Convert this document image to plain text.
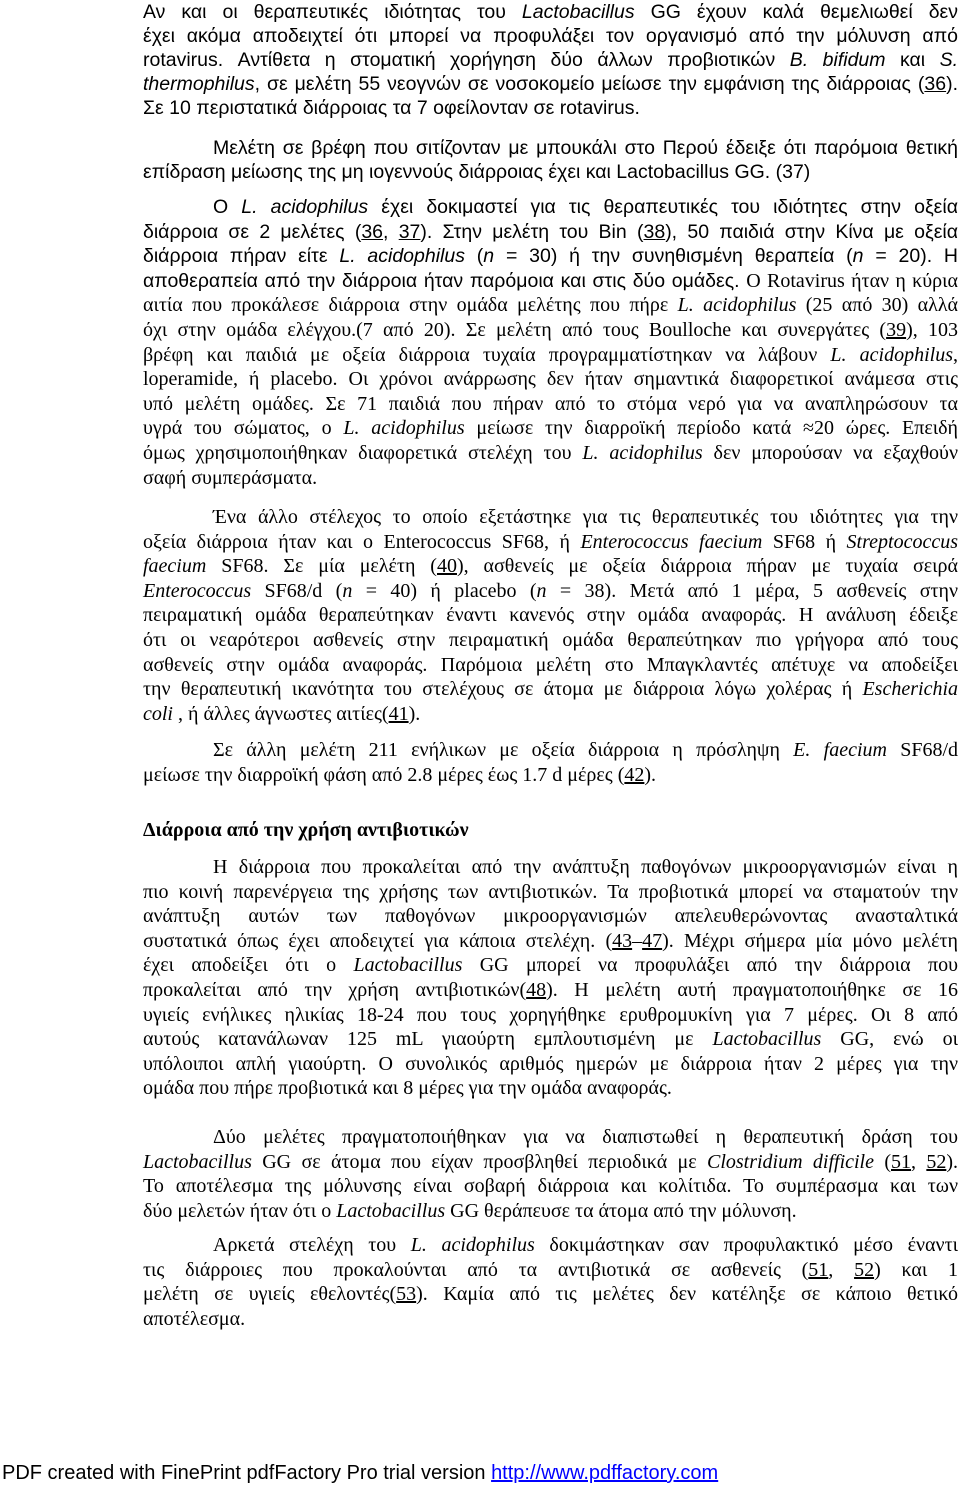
Αν και οι θεραπευτικές ιδιότητας του Lactobacillus GG έχουν καλά θεμελιωθεί δεν
έχει ακόμα αποδειχτεί ότι μπορεί να προφυλάξει τον οργανισμό από την μόλυνση από
rotavirus. Αντίθετα η στοματική χορήγηση δύο άλλων προβιοτικών B. bifidum και S.
thermophilus, σε μελέτη 55 νεογνών σε νοσοκομείο μείωσε την εμφάνιση της διάρροιας (36).
Σε 10 περιστατικά διάρροιας τα 7 οφείλονταν σε rotavirus.
Μελέτη σε βρέφη που σιτίζονταν με μπουκάλι στο Περού έδειξε ότι παρόμοια θετική
επίδραση μείωσης της μη ιογεννούς διάρροιας έχει και Lactobacillus GG. (37)
Ο L. acidophilus έχει δοκιμαστεί για τις θεραπευτικές του ιδιότητες στην οξεία
διάρροια σε 2 μελέτες (36, 37). Στην μελέτη του Bin (38), 50 παιδιά στην Κίνα με οξεία
διάρροια πήραν είτε L. acidophilus (n = 30) ή την συνηθισμένη θεραπεία (n = 20). Η
αποθεραπεία από την διάρροια ήταν παρόμοια και στις δύο ομάδες. Ο Rotavirus ήταν η κύρια
αιτία που προκάλεσε διάρροια στην ομάδα μελέτης που πήρε L. acidophilus (25 από 30) αλλά
όχι στην ομάδα ελέγχου.(7 από 20). Σε μελέτη από τους Boulloche και συνεργάτες (39), 103
βρέφη και παιδιά με οξεία διάρροια τυχαία προγραμματίστηκαν να λάβουν L. acidophilus,
loperamide, ή placebo. Οι χρόνοι ανάρρωσης δεν ήταν σημαντικά διαφορετικοί ανάμεσα στις
υπό μελέτη ομάδες. Σε 71 παιδιά που πήραν από το στόμα νερό για να αναπληρώσουν τα
υγρά του σώματος, ο L. acidophilus μείωσε την διαρροϊκή περίοδο κατά ≈20 ώρες. Επειδή
όμως χρησιμοποιήθηκαν διαφορετικά στελέχη του L. acidophilus δεν μπορούσαν να εξαχθούν
σαφή συμπεράσματα.
Ένα άλλο στέλεχος το οποίο εξετάστηκε για τις θεραπευτικές του ιδιότητες για την
οξεία διάρροια ήταν και ο Enterococcus SF68, ή Enterococcus faecium SF68 ή Streptococcus
faecium SF68. Σε μία μελέτη (40), ασθενείς με οξεία διάρροια πήραν με τυχαία σειρά
Enterococcus SF68/d (n = 40) ή placebo (n = 38). Μετά από 1 μέρα, 5 ασθενείς στην
πειραματική ομάδα θεραπεύτηκαν έναντι κανενός στην ομάδα αναφοράς. Η ανάλυση έδειξε
ότι οι νεαρότεροι ασθενείς στην πειραματική ομάδα θεραπεύτηκαν πιο γρήγορα από τους
ασθενείς στην ομάδα αναφοράς. Παρόμοια μελέτη στο Μπαγκλαντές απέτυχε να αποδείξει
την θεραπευτική ικανότητα του στελέχους σε άτομα με διάρροια λόγω χολέρας ή Escherichia
coli , ή άλλες άγνωστες αιτίες(41).
Σε άλλη μελέτη 211 ενήλικων με οξεία διάρροια η πρόσληψη E. faecium SF68/d
μείωσε την διαρροϊκή φάση από 2.8 μέρες έως 1.7 d μέρες (42).
Διάρροια από την χρήση αντιβιοτικών
Η διάρροια που προκαλείται από την ανάπτυξη παθογόνων μικροοργανισμών είναι η
πιο κοινή παρενέργεια της χρήσης των αντιβιοτικών. Τα προβιοτικά μπορεί να σταματούν την
ανάπτυξη αυτών των παθογόνων μικροοργανισμών απελευθερώνοντας ανασταλτικά
συστατικά όπως έχει αποδειχτεί για κάποια στελέχη. (43–47). Μέχρι σήμερα μία μόνο μελέτη
έχει αποδείξει ότι ο Lactobacillus GG μπορεί να προφυλάξει από την διάρροια που
προκαλείται από την χρήση αντιβιοτικών(48). Η μελέτη αυτή πραγματοποιήθηκε σε 16
υγιείς ενήλικες ηλικίας 18-24 που τους χορηγήθηκε ερυθρομυκίνη για 7 μέρες. Οι 8 από
αυτούς κατανάλωναν 125 mL γιαούρτη εμπλουτισμένη με Lactobacillus GG, ενώ οι
υπόλοιποι απλή γιαούρτη. Ο συνολικός αριθμός ημερών με διάρροια ήταν 2 μέρες για την
ομάδα που πήρε προβιοτικά και 8 μέρες για την ομάδα αναφοράς.
Δύο μελέτες πραγματοποιήθηκαν για να διαπιστωθεί η θεραπευτική δράση του
Lactobacillus GG σε άτομα που είχαν προσβληθεί περιοδικά με Clostridium difficile (51, 52).
Το αποτέλεσμα της μόλυνσης είναι σοβαρή διάρροια και κολίτιδα. Το συμπέρασμα και των
δύο μελετών ήταν ότι ο Lactobacillus GG θεράπευσε τα άτομα από την μόλυνση.
Αρκετά στελέχη του L. acidophilus δοκιμάστηκαν σαν προφυλακτικό μέσο έναντι
τις διάρροιες που προκαλούνται από τα αντιβιοτικά σε ασθενείς (51, 52) και 1
μελέτη σε υγιείς εθελοντές(53). Καμία από τις μελέτες δεν κατέληξε σε κάποιο θετικό
αποτέλεσμα.
PDF created with FinePrint pdfFactory Pro trial version http://www.pdffactory.com
